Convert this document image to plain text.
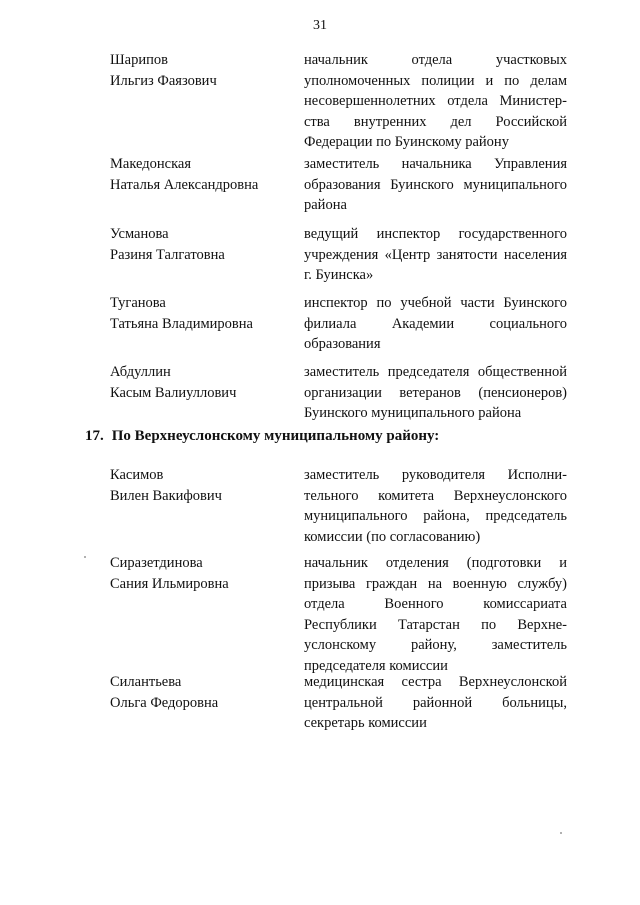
31
Шарипов
Ильгиз Фаязович
начальник отдела участковых уполномоченных полиции и по делам несовершеннолетних отдела Министерства внутренних дел Российской Федерации по Буинскому району
Македонская
Наталья Александровна
заместитель начальника Управления образования Буинского муниципального района
Усманова
Разиня Талгатовна
ведущий инспектор государственного учреждения «Центр занятости населения г. Буинска»
Туганова
Татьяна Владимировна
инспектор по учебной части Буинского филиала Академии социального образования
Абдуллин
Касым Валиуллович
заместитель председателя общественной организации ветеранов (пенсионеров) Буинского муниципального района
17. По Верхнеуслонскому муниципальному району:
Касимов
Вилен Вакифович
заместитель руководителя Исполнительного комитета Верхнеуслонского муниципального района, председатель комиссии (по согласованию)
Сиразетдинова
Сания Ильмировна
начальник отделения (подготовки и призыва граждан на военную службу) отдела Военного комиссариата Республики Татарстан по Верхнеуслонскому району, заместитель председателя комиссии
Силантьева
Ольга Федоровна
медицинская сестра Верхнеуслонской центральной районной больницы, секретарь комиссии
